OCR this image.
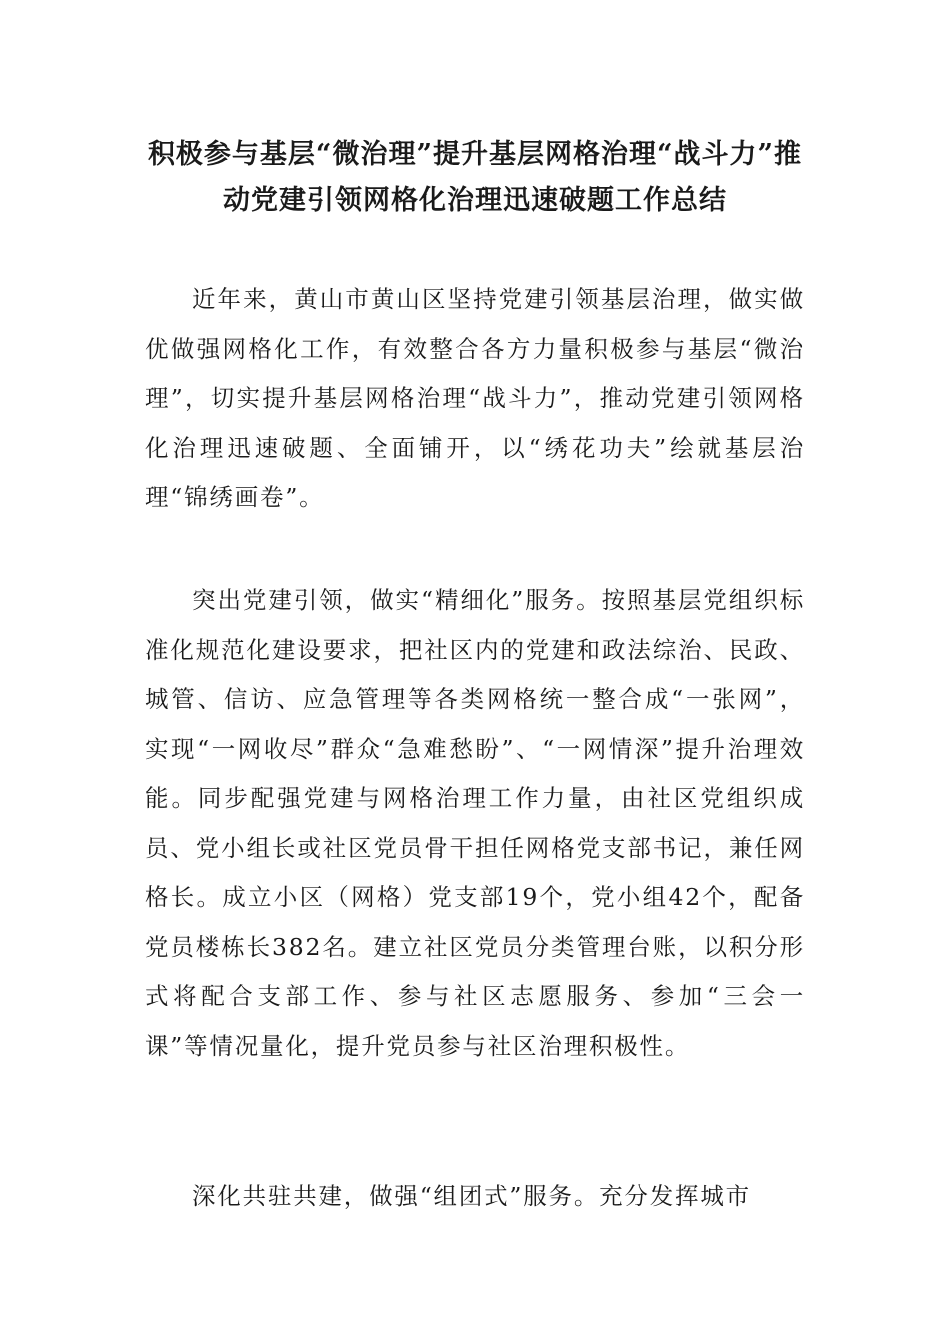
积极参与基层“微治理”提升基层网格治理“战斗力”推动党建引领网格化治理迅速破题工作总结

近年来，黄山市黄山区坚持党建引领基层治理，做实做优做强网格化工作，有效整合各方力量积极参与基层“微治理”，切实提升基层网格治理“战斗力”，推动党建引领网格化治理迅速破题、全面铺开，以“绣花功夫”绘就基层治理“锦绣画卷”。

突出党建引领，做实“精细化”服务。按照基层党组织标准化规范化建设要求，把社区内的党建和政法综治、民政、城管、信访、应急管理等各类网格统一整合成“一张网”，实现“一网收尽”群众“急难愁盼”、“一网情深”提升治理效能。同步配强党建与网格治理工作力量，由社区党组织成员、党小组长或社区党员骨干担任网格党支部书记，兼任网格长。成立小区（网格）党支部19个，党小组42个，配备党员楼栋长382名。建立社区党员分类管理台账，以积分形式将配合支部工作、参与社区志愿服务、参加“三会一课”等情况量化，提升党员参与社区治理积极性。

深化共驻共建，做强“组团式”服务。充分发挥城市
